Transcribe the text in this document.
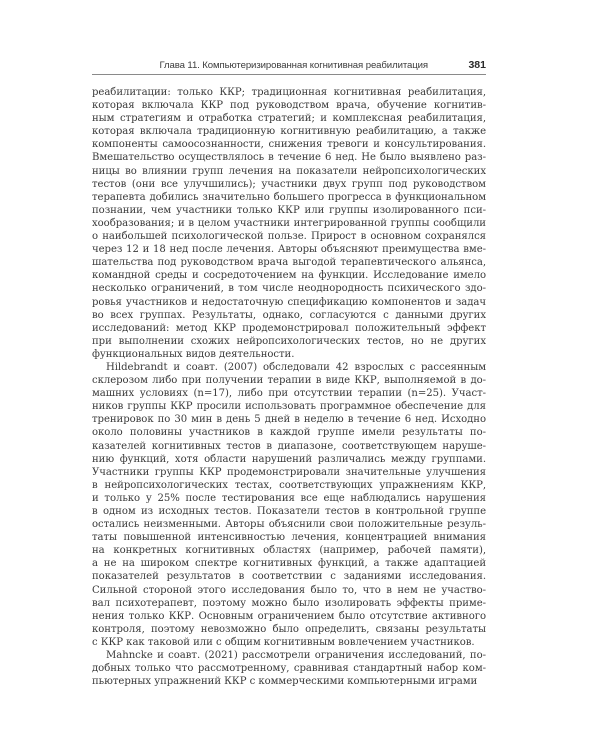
Глава 11. Компьютеризированная когнитивная реабилитация	381

реабилитации: только ККР; традиционная когнитивная реабилитация,
которая включала ККР под руководством врача, обучение когнитив-
ным стратегиям и отработка стратегий; и комплексная реабилитация,
которая включала традиционную когнитивную реабилитацию, а также
компоненты самоосознанности, снижения тревоги и консультирования.
Вмешательство осуществлялось в течение 6 нед. Не было выявлено раз-
ницы во влиянии групп лечения на показатели нейропсихологических
тестов (они все улучшились); участники двух групп под руководством
терапевта добились значительно большего прогресса в функциональном
познании, чем участники только ККР или группы изолированного пси-
хообразования; и в целом участники интегрированной группы сообщили
о наибольшей психологической пользе. Прирост в основном сохранялся
через 12 и 18 нед после лечения. Авторы объясняют преимущества вме-
шательства под руководством врача выгодой терапевтического альянса,
командной среды и сосредоточением на функции. Исследование имело
несколько ограничений, в том числе неоднородность психического здо-
ровья участников и недостаточную спецификацию компонентов и задач
во всех группах. Результаты, однако, согласуются с данными других
исследований: метод ККР продемонстрировал положительный эффект
при выполнении схожих нейропсихологических тестов, но не других
функциональных видов деятельности.

Hildebrandt и соавт. (2007) обследовали 42 взрослых с рассеянным
склерозом либо при получении терапии в виде ККР, выполняемой в до-
машних условиях (n=17), либо при отсутствии терапии (n=25). Участ-
ников группы ККР просили использовать программное обеспечение для
тренировок по 30 мин в день 5 дней в неделю в течение 6 нед. Исходно
около половины участников в каждой группе имели результаты по-
казателей когнитивных тестов в диапазоне, соответствующем наруше-
нию функций, хотя области нарушений различались между группами.
Участники группы ККР продемонстрировали значительные улучшения
в нейропсихологических тестах, соответствующих упражнениям ККР,
и только у 25% после тестирования все еще наблюдались нарушения
в одном из исходных тестов. Показатели тестов в контрольной группе
остались неизменными. Авторы объяснили свои положительные резуль-
таты повышенной интенсивностью лечения, концентрацией внимания
на конкретных когнитивных областях (например, рабочей памяти),
а не на широком спектре когнитивных функций, а также адаптацией
показателей результатов в соответствии с заданиями исследования.
Сильной стороной этого исследования было то, что в нем не участво-
вал психотерапевт, поэтому можно было изолировать эффекты приме-
нения только ККР. Основным ограничением было отсутствие активного
контроля, поэтому невозможно было определить, связаны результаты
с ККР как таковой или с общим когнитивным вовлечением участников.

Mahncke и соавт. (2021) рассмотрели ограничения исследований, по-
добных только что рассмотренному, сравнивая стандартный набор ком-
пьютерных упражнений ККР с коммерческими компьютерными играми
